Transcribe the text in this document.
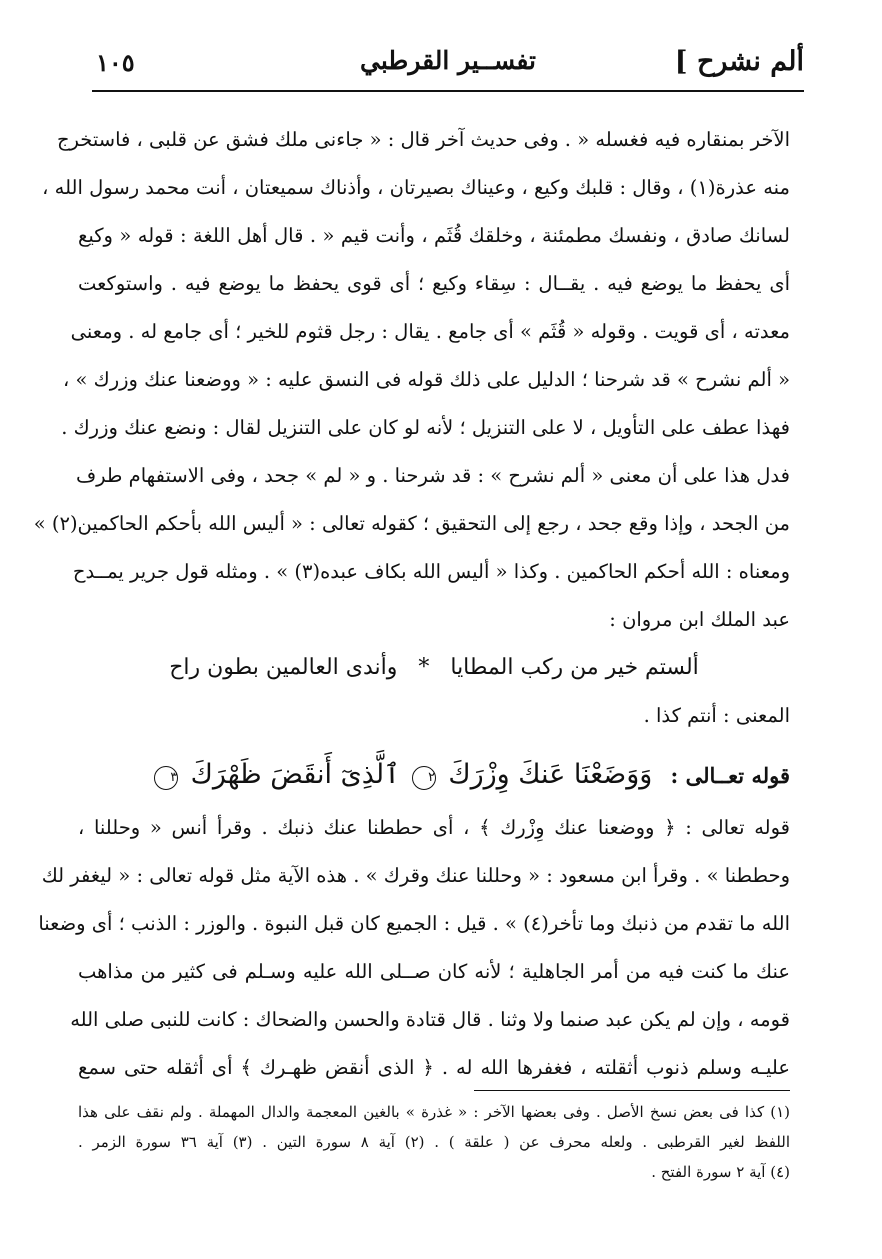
ألم نشرح ]
تفســير القرطبي
١٠٥
الآخر بمنقاره فيه فغسله « . وفى حديث آخر قال : « جاءنى ملك فشق عن قلبى ، فاستخرج
منه عذرة(١) ، وقال : قلبك وكيع ، وعيناك بصيرتان ، وأذناك سميعتان ، أنت محمد رسول الله ،
لسانك صادق ، ونفسك مطمئنة ، وخلقك قُثَم ، وأنت قيم « . قال أهل اللغة : قوله « وكيع
أى يحفظ ما يوضع فيه . يقــال : سِقاء وكيع ؛ أى قوى يحفظ ما يوضع فيه . واستوكعت
معدته ، أى قويت . وقوله « قُثَم » أى جامع . يقال : رجل قثوم للخير ؛ أى جامع له . ومعنى
« ألم نشرح » قد شرحنا ؛ الدليل على ذلك قوله فى النسق عليه : « ووضعنا عنك وزرك » ،
فهذا عطف على التأويل ، لا على التنزيل ؛ لأنه لو كان على التنزيل لقال : ونضع عنك وزرك .
فدل هذا على أن معنى « ألم نشرح » : قد شرحنا . و « لم » جحد ، وفى الاستفهام طرف
من الجحد ، وإذا وقع جحد ، رجع إلى التحقيق ؛ كقوله تعالى : « أليس الله بأحكم الحاكمين(٢) »
ومعناه : الله أحكم الحاكمين . وكذا « أليس الله بكاف عبده(٣) » . ومثله قول جرير يمــدح
عبد الملك ابن مروان :
ألستم خير من ركب المطايا   *   وأندى العالمين بطون راح
المعنى : أنتم كذا .
قوله تعــالى : وَوَضَعْنَا عَنكَ وِزْرَكَ ٢ ٱلَّذِىٓ أَنقَضَ ظَهْرَكَ ٣
قوله تعالى : ﴿ ووضعنا عنك وِزْرك ﴾ ، أى حططنا عنك ذنبك . وقرأ أنس « وحللنا ،
وحططنا » . وقرأ ابن مسعود : « وحللنا عنك وقرك » . هذه الآية مثل قوله تعالى : « ليغفر لك
الله ما تقدم من ذنبك وما تأخر(٤) » . قيل : الجميع كان قبل النبوة . والوزر : الذنب ؛ أى وضعنا
عنك ما كنت فيه من أمر الجاهلية ؛ لأنه كان صــلى الله عليه وسـلم فى كثير من مذاهب
قومه ، وإن لم يكن عبد صنما ولا وثنا . قال قتادة والحسن والضحاك : كانت للنبى صلى الله
عليـه وسلم ذنوب أثقلته ، فغفرها الله له . ﴿ الذى أنقض ظهـرك ﴾ أى أثقله حتى سمع
(١) كذا فى بعض نسخ الأصل . وفى بعضها الآخر : « غذرة » بالغين المعجمة والدال المهملة . ولم نقف على هذا
اللفظ لغير القرطبى . ولعله محرف عن ( علقة ) . (٢) آية ٨ سورة التين . (٣) آية ٣٦ سورة الزمر .
(٤) آية ٢ سورة الفتح .
